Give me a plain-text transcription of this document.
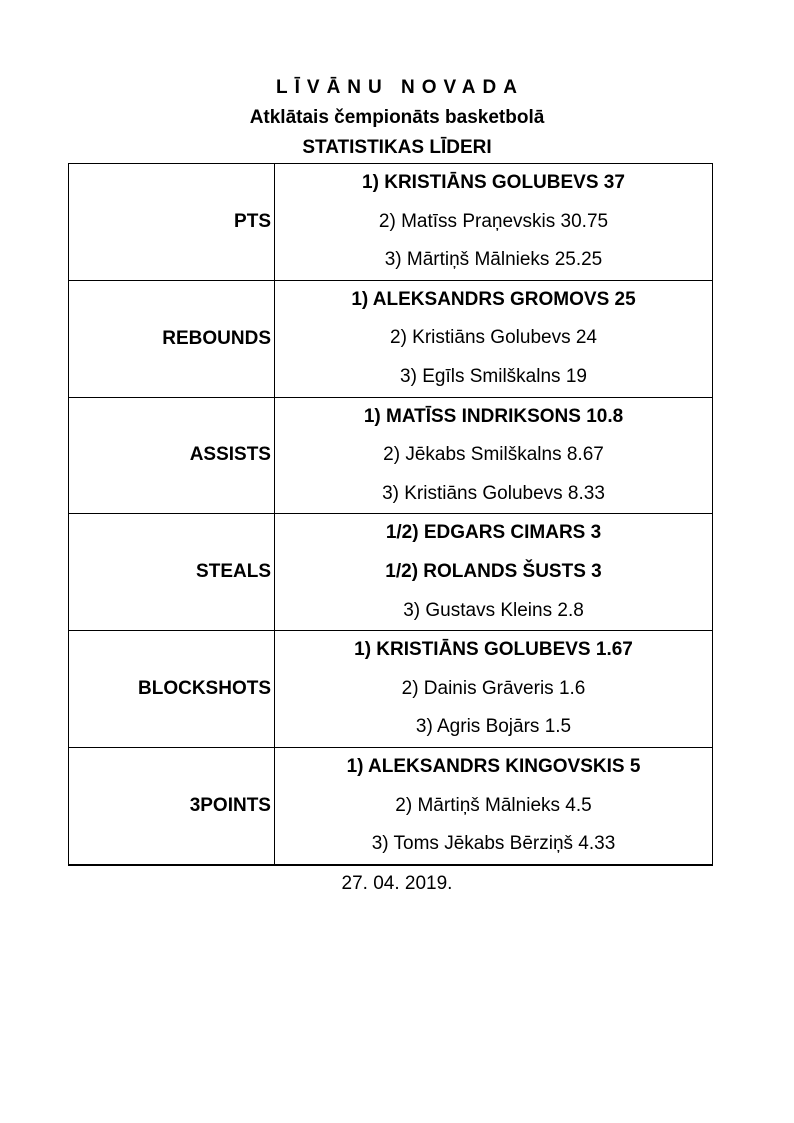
LĪVĀNU NOVADA
Atklātais čempionāts basketbolā
STATISTIKAS LĪDERI
PTS	1) KRISTIĀNS GOLUBEVS 37
2) Matīss Praņevskis 30.75
3) Mārtiņš Mālnieks 25.25

REBOUNDS	1) ALEKSANDRS GROMOVS 25
2) Kristiāns Golubevs 24
3) Egīls Smilškalns 19

ASSISTS	1) MATĪSS INDRIKSONS 10.8
2) Jēkabs Smilškalns 8.67
3) Kristiāns Golubevs 8.33

STEALS	1/2) EDGARS CIMARS 3
1/2) ROLANDS ŠUSTS 3
3) Gustavs Kleins 2.8

BLOCKSHOTS	1) KRISTIĀNS GOLUBEVS 1.67
2) Dainis Grāveris 1.6
3) Agris Bojārs 1.5

3POINTS	1) ALEKSANDRS KINGOVSKIS 5
2) Mārtiņš Mālnieks 4.5
3) Toms Jēkabs Bērziņš 4.33
27. 04. 2019.
